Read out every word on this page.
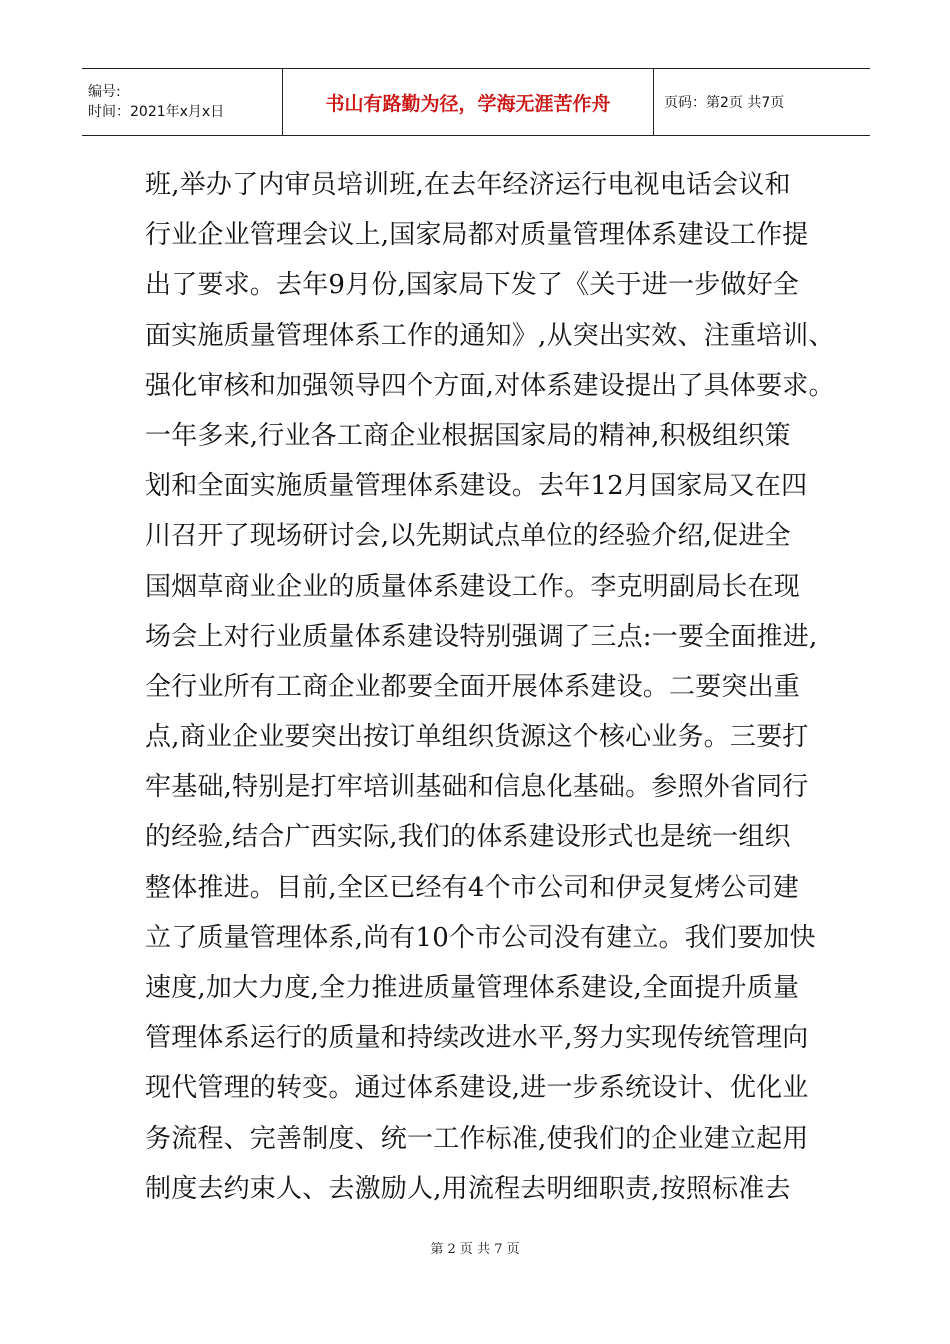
编号:
时间：2021年x月x日	书山有路勤为径，学海无涯苦作舟	页码：第2页 共7页
班,举办了内审员培训班,在去年经济运行电视电话会议和
行业企业管理会议上,国家局都对质量管理体系建设工作提
出了要求。去年9月份,国家局下发了《关于进一步做好全
面实施质量管理体系工作的通知》,从突出实效、注重培训、
强化审核和加强领导四个方面,对体系建设提出了具体要求。
一年多来,行业各工商企业根据国家局的精神,积极组织策
划和全面实施质量管理体系建设。去年12月国家局又在四
川召开了现场研讨会,以先期试点单位的经验介绍,促进全
国烟草商业企业的质量体系建设工作。李克明副局长在现
场会上对行业质量体系建设特别强调了三点:一要全面推进,
全行业所有工商企业都要全面开展体系建设。二要突出重
点,商业企业要突出按订单组织货源这个核心业务。三要打
牢基础,特别是打牢培训基础和信息化基础。参照外省同行
的经验,结合广西实际,我们的体系建设形式也是统一组织
整体推进。目前,全区已经有4个市公司和伊灵复烤公司建
立了质量管理体系,尚有10个市公司没有建立。我们要加快
速度,加大力度,全力推进质量管理体系建设,全面提升质量
管理体系运行的质量和持续改进水平,努力实现传统管理向
现代管理的转变。通过体系建设,进一步系统设计、优化业
务流程、完善制度、统一工作标准,使我们的企业建立起用
制度去约束人、去激励人,用流程去明细职责,按照标准去
第 2 页 共 7 页
